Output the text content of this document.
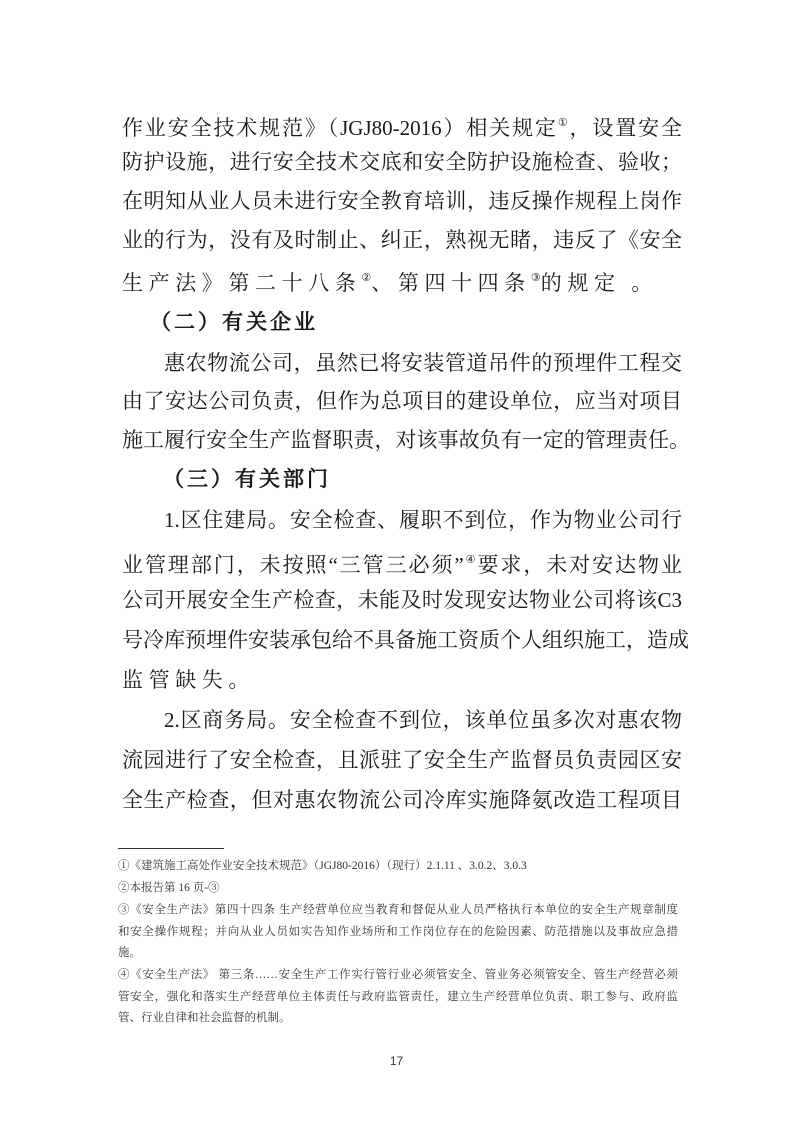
作业安全技术规范》（JGJ80-2016）相关规定①，设置安全
防护设施，进行安全技术交底和安全防护设施检查、验收；
在明知从业人员未进行安全教育培训，违反操作规程上岗作
业的行为，没有及时制止、纠正，熟视无睹，违反了《安全
生产法》第二十八条②、第四十四条③的规定 。
（二）有关企业
惠农物流公司，虽然已将安装管道吊件的预埋件工程交
由了安达公司负责，但作为总项目的建设单位，应当对项目
施工履行安全生产监督职责，对该事故负有一定的管理责任。
（三）有关部门
1.区住建局。安全检查、履职不到位，作为物业公司行
业管理部门，未按照“三管三必须”④要求，未对安达物业
公司开展安全生产检查，未能及时发现安达物业公司将该C3
号冷库预埋件安装承包给不具备施工资质个人组织施工，造成
监管缺失。
2.区商务局。安全检查不到位，该单位虽多次对惠农物
流园进行了安全检查，且派驻了安全生产监督员负责园区安
全生产检查，但对惠农物流公司冷库实施降氨改造工程项目
①《建筑施工高处作业安全技术规范》（JGJ80-2016）（现行）2.1.11 、3.0.2、3.0.3
②本报告第 16 页-③
③《安全生产法》第四十四条 生产经营单位应当教育和督促从业人员严格执行本单位的安全生产规章制度
和安全操作规程；并向从业人员如实告知作业场所和工作岗位存在的危险因素、防范措施以及事故应急措
施。
④《安全生产法》 第三条……安全生产工作实行管行业必须管安全、管业务必须管安全、管生产经营必须
管安全，强化和落实生产经营单位主体责任与政府监管责任，建立生产经营单位负责、职工参与、政府监
管、行业自律和社会监督的机制。
17
